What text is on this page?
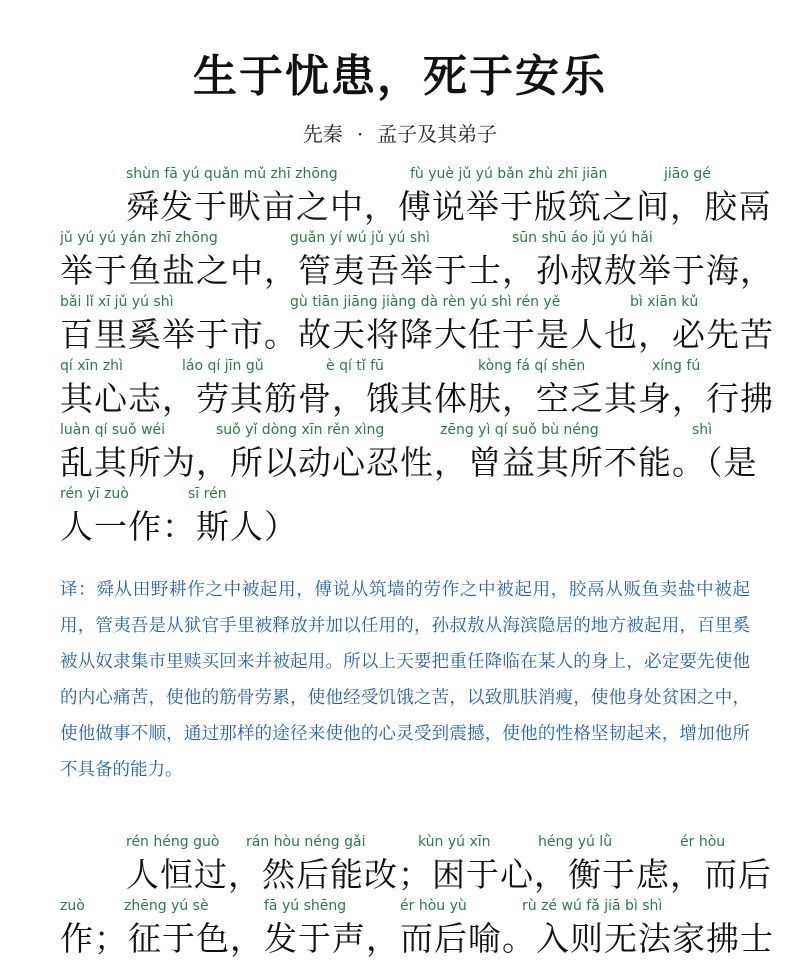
生于忧患，死于安乐
先秦 · 孟子及其弟子
shùn fā yú quǎn mǔ zhī zhōng	fù yuè jǔ yú bǎn zhù zhī jiān	jiāo gé
舜发于畎亩之中，傅说举于版筑之间，胶鬲
jǔ yú yú yán zhī zhōng	guǎn yí wú jǔ yú shì	sūn shū áo jǔ yú hǎi
举于鱼盐之中，管夷吾举于士，孙叔敖举于海，
bǎi lǐ xī jǔ yú shì	gù tiān jiāng jiàng dà rèn yú shì rén yě	bì xiān kǔ
百里奚举于市。故天将降大任于是人也，必先苦
qí xīn zhì	láo qí jīn gǔ	è qí tǐ fū	kòng fá qí shēn	xíng fú
其心志，劳其筋骨，饿其体肤，空乏其身，行拂
luàn qí suǒ wéi	suǒ yǐ dòng xīn rěn xìng	zēng yì qí suǒ bù néng	shì
乱其所为，所以动心忍性，曾益其所不能。（是
rén yī zuò	sī rén
人一作：斯人）
译：舜从田野耕作之中被起用，傅说从筑墙的劳作之中被起用，胶鬲从贩鱼卖盐中被起用，管夷吾是从狱官手里被释放并加以任用的，孙叔敖从海滨隐居的地方被起用，百里奚被从奴隶集市里赎买回来并被起用。所以上天要把重任降临在某人的身上，必定要先使他的内心痛苦，使他的筋骨劳累，使他经受饥饿之苦，以致肌肤消瘦，使他身处贫困之中，使他做事不顺，通过那样的途径来使他的心灵受到震撼，使他的性格坚韧起来，增加他所不具备的能力。
rén héng guò rán hòu néng gǎi	kùn yú xīn	héng yú lǜ	ér hòu
人恒过，然后能改；困于心，衡于虑，而后
zuò	zhēng yú sè	fā yú shēng	ér hòu yù	rù zé wú fǎ jiā bì shì
作；征于色，发于声，而后喻。入则无法家拂士
